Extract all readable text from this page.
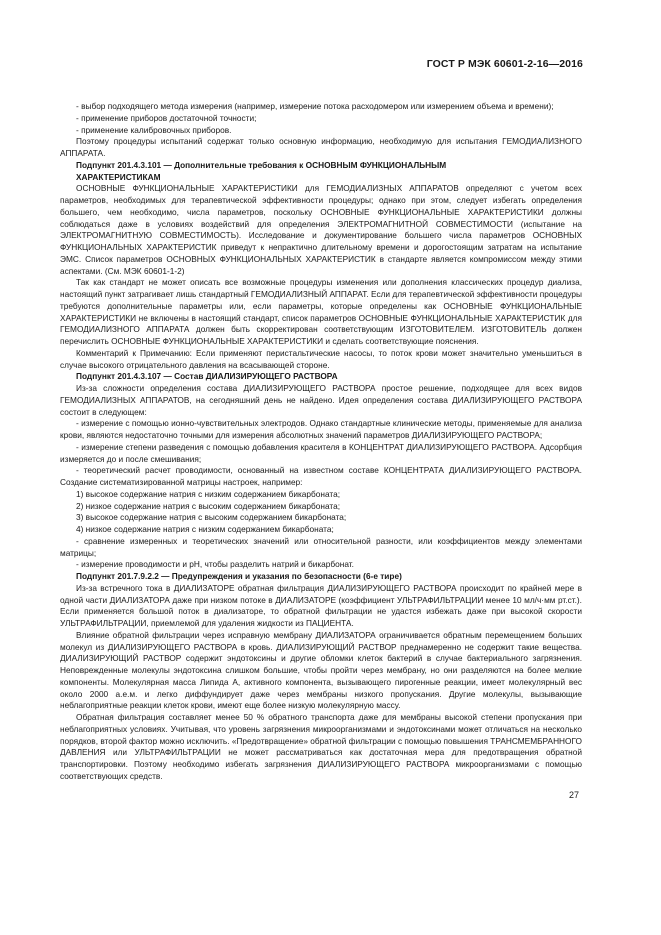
ГОСТ Р МЭК 60601-2-16—2016

- выбор подходящего метода измерения (например, измерение потока расходомером или измерением объема и времени);

- применение приборов достаточной точности;

- применение калибровочных приборов.

Поэтому процедуры испытаний содержат только основную информацию, необходимую для испытания ГЕМОДИАЛИЗНОГО АППАРАТА.

Подпункт 201.4.3.101 — Дополнительные требования к ОСНОВНЫМ ФУНКЦИОНАЛЬНЫМ
ХАРАКТЕРИСТИКАМ

ОСНОВНЫЕ ФУНКЦИОНАЛЬНЫЕ ХАРАКТЕРИСТИКИ для ГЕМОДИАЛИЗНЫХ АППАРАТОВ определяют с учетом всех параметров, необходимых для терапевтической эффективности процедуры; однако при этом, следует избегать определения большего, чем необходимо, числа параметров, поскольку ОСНОВНЫЕ ФУНКЦИОНАЛЬНЫЕ ХАРАКТЕРИСТИКИ должны соблюдаться даже в условиях воздействий для определения ЭЛЕКТРОМАГНИТНОЙ СОВМЕСТИМОСТИ (испытание на ЭЛЕКТРОМАГНИТНУЮ СОВМЕСТИМОСТЬ). Исследование и документирование большего числа параметров ОСНОВНЫХ ФУНКЦИОНАЛЬНЫХ ХАРАКТЕРИСТИК приведут к непрактично длительному времени и дорогостоящим затратам на испытание ЭМС. Список параметров ОСНОВНЫХ ФУНКЦИОНАЛЬНЫХ ХАРАКТЕРИСТИК в стандарте является компромиссом между этими аспектами. (См. МЭК 60601-1-2)

Так как стандарт не может описать все возможные процедуры изменения или дополнения классических процедур диализа, настоящий пункт затрагивает лишь стандартный ГЕМОДИАЛИЗНЫЙ АППАРАТ. Если для терапевтической эффективности процедуры требуются дополнительные параметры или, если параметры, которые определены как ОСНОВНЫЕ ФУНКЦИОНАЛЬНЫЕ ХАРАКТЕРИСТИКИ не включены в настоящий стандарт, список параметров ОСНОВНЫЕ ФУНКЦИОНАЛЬНЫЕ ХАРАКТЕРИСТИК для ГЕМОДИАЛИЗНОГО АППАРАТА должен быть скорректирован соответствующим ИЗГОТОВИТЕЛЕМ. ИЗГОТОВИТЕЛЬ должен перечислить ОСНОВНЫЕ ФУНКЦИОНАЛЬНЫЕ ХАРАКТЕРИСТИКИ и сделать соответствующие пояснения.

Комментарий к Примечанию: Если применяют перистальтические насосы, то поток крови может значительно уменьшиться в случае высокого отрицательного давления на всасывающей стороне.

Подпункт 201.4.3.107 — Состав ДИАЛИЗИРУЮЩЕГО РАСТВОРА

Из-за сложности определения состава ДИАЛИЗИРУЮЩЕГО РАСТВОРА простое решение, подходящее для всех видов ГЕМОДИАЛИЗНЫХ АППАРАТОВ, на сегодняшний день не найдено. Идея определения состава ДИАЛИЗИРУЮЩЕГО РАСТВОРА состоит в следующем:

- измерение с помощью ионно-чувствительных электродов. Однако стандартные клинические методы, применяемые для анализа крови, являются недостаточно точными для измерения абсолютных значений параметров ДИАЛИЗИРУЮЩЕГО РАСТВОРА;

- измерение степени разведения с помощью добавления красителя в КОНЦЕНТРАТ ДИАЛИЗИРУЮЩЕГО РАСТВОРА. Адсорбция измеряется до и после смешивания;

- теоретический расчет проводимости, основанный на известном составе КОНЦЕНТРАТА ДИАЛИЗИРУЮЩЕГО РАСТВОРА. Создание систематизированной матрицы настроек, например:

1) высокое содержание натрия с низким содержанием бикарбоната;

2) низкое содержание натрия с высоким содержанием бикарбоната;

3) высокое содержание натрия с высоким содержанием бикарбоната;

4) низкое содержание натрия с низким содержанием бикарбоната;

- сравнение измеренных и теоретических значений или относительной разности, или коэффициентов между элементами матрицы;

- измерение проводимости и pH, чтобы разделить натрий и бикарбонат.

Подпункт 201.7.9.2.2 — Предупреждения и указания по безопасности (6-е тире)

Из-за встречного тока в ДИАЛИЗАТОРЕ обратная фильтрация ДИАЛИЗИРУЮЩЕГО РАСТВОРА происходит по крайней мере в одной части ДИАЛИЗАТОРА даже при низком потоке в ДИАЛИЗАТОРЕ (коэффициент УЛЬТРАФИЛЬТРАЦИИ менее 10 мл/ч·мм рт.ст.). Если применяется большой поток в диализаторе, то обратной фильтрации не удастся избежать даже при высокой скорости УЛЬТРАФИЛЬТРАЦИИ, приемлемой для удаления жидкости из ПАЦИЕНТА.

Влияние обратной фильтрации через исправную мембрану ДИАЛИЗАТОРА ограничивается обратным перемещением больших молекул из ДИАЛИЗИРУЮЩЕГО РАСТВОРА в кровь. ДИАЛИЗИРУЮЩИЙ РАСТВОР преднамеренно не содержит такие вещества. ДИАЛИЗИРУЮЩИЙ РАСТВОР содержит эндотоксины и другие обломки клеток бактерий в случае бактериального загрязнения. Неповрежденные молекулы эндотоксина слишком большие, чтобы пройти через мембрану, но они разделяются на более мелкие компоненты. Молекулярная масса Липида А, активного компонента, вызывающего пирогенные реакции, имеет молекулярный вес около 2000 a.e.м. и легко диффундирует даже через мембраны низкого пропускания. Другие молекулы, вызывающие неблагоприятные реакции клеток крови, имеют еще более низкую молекулярную массу.

Обратная фильтрация составляет менее 50 % обратного транспорта даже для мембраны высокой степени пропускания при неблагоприятных условиях. Учитывая, что уровень загрязнения микроорганизмами и эндотоксинами может отличаться на несколько порядков, второй фактор можно исключить. «Предотвращение» обратной фильтрации с помощью повышения ТРАНСМЕМБРАННОГО ДАВЛЕНИЯ или УЛЬТРАФИЛЬТРАЦИИ не может рассматриваться как достаточная мера для предотвращения обратной транспортировки. Поэтому необходимо избегать загрязнения ДИАЛИЗИРУЮЩЕГО РАСТВОРА микроорганизмами с помощью соответствующих средств.

27
